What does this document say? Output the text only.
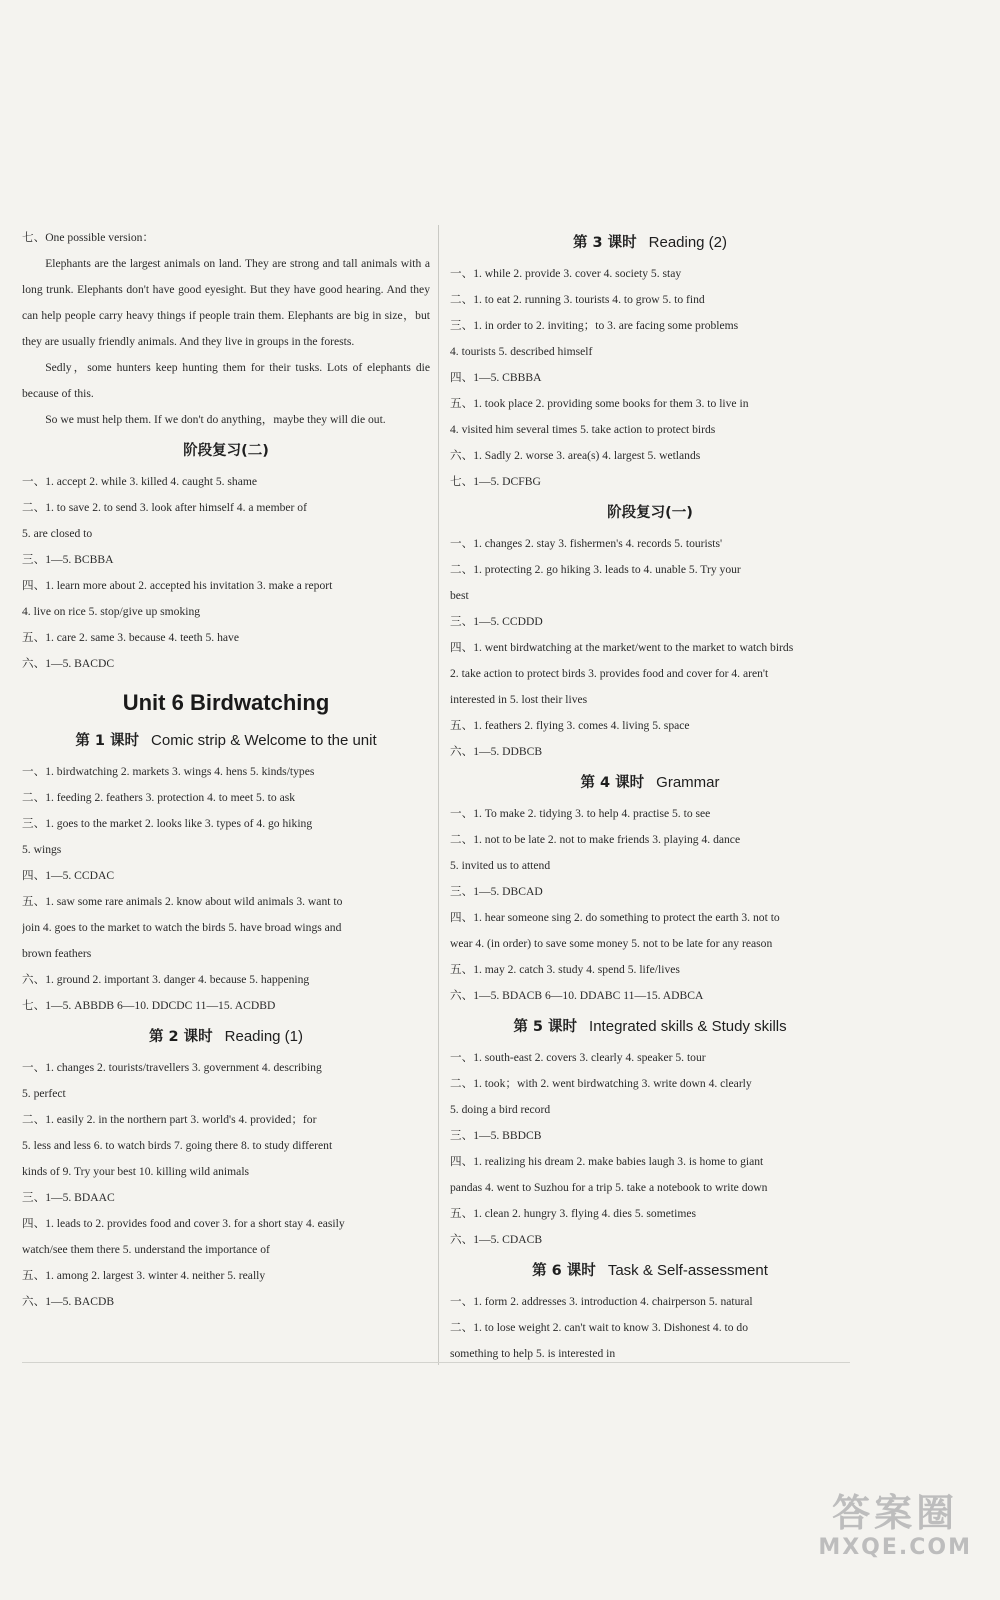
七、One possible version：
Elephants are the largest animals on land. They are strong and tall animals with a long trunk. Elephants don't have good eyesight. But they have good hearing. And they can help people carry heavy things if people train them. Elephants are big in size，but they are usually friendly animals. And they live in groups in the forests.
Sedly，some hunters keep hunting them for their tusks. Lots of elephants die because of this.
So we must help them. If we don't do anything，maybe they will die out.
阶段复习(二)
一、1. accept 2. while 3. killed 4. caught 5. shame
二、1. to save 2. to send 3. look after himself 4. a member of
5. are closed to
三、1—5. BCBBA
四、1. learn more about 2. accepted his invitation 3. make a report
4. live on rice 5. stop/give up smoking
五、1. care 2. same 3. because 4. teeth 5. have
六、1—5. BACDC
Unit 6 Birdwatching
第 1 课时 Comic strip & Welcome to the unit
一、1. birdwatching 2. markets 3. wings 4. hens 5. kinds/types
二、1. feeding 2. feathers 3. protection 4. to meet 5. to ask
三、1. goes to the market 2. looks like 3. types of 4. go hiking
5. wings
四、1—5. CCDAC
五、1. saw some rare animals 2. know about wild animals 3. want to
join 4. goes to the market to watch the birds 5. have broad wings and
brown feathers
六、1. ground 2. important 3. danger 4. because 5. happening
七、1—5. ABBDB 6—10. DDCDC 11—15. ACDBD
第 2 课时 Reading (1)
一、1. changes 2. tourists/travellers 3. government 4. describing
5. perfect
二、1. easily 2. in the northern part 3. world's 4. provided；for
5. less and less 6. to watch birds 7. going there 8. to study different
kinds of 9. Try your best 10. killing wild animals
三、1—5. BDAAC
四、1. leads to 2. provides food and cover 3. for a short stay 4. easily
watch/see them there 5. understand the importance of
五、1. among 2. largest 3. winter 4. neither 5. really
六、1—5. BACDB
第 3 课时 Reading (2)
一、1. while 2. provide 3. cover 4. society 5. stay
二、1. to eat 2. running 3. tourists 4. to grow 5. to find
三、1. in order to 2. inviting；to 3. are facing some problems
4. tourists 5. described himself
四、1—5. CBBBA
五、1. took place 2. providing some books for them 3. to live in
4. visited him several times 5. take action to protect birds
六、1. Sadly 2. worse 3. area(s) 4. largest 5. wetlands
七、1—5. DCFBG
阶段复习(一)
一、1. changes 2. stay 3. fishermen's 4. records 5. tourists'
二、1. protecting 2. go hiking 3. leads to 4. unable 5. Try your
best
三、1—5. CCDDD
四、1. went birdwatching at the market/went to the market to watch birds
2. take action to protect birds 3. provides food and cover for 4. aren't
interested in 5. lost their lives
五、1. feathers 2. flying 3. comes 4. living 5. space
六、1—5. DDBCB
第 4 课时 Grammar
一、1. To make 2. tidying 3. to help 4. practise 5. to see
二、1. not to be late 2. not to make friends 3. playing 4. dance
5. invited us to attend
三、1—5. DBCAD
四、1. hear someone sing 2. do something to protect the earth 3. not to
wear 4. (in order) to save some money 5. not to be late for any reason
五、1. may 2. catch 3. study 4. spend 5. life/lives
六、1—5. BDACB 6—10. DDABC 11—15. ADBCA
第 5 课时 Integrated skills & Study skills
一、1. south-east 2. covers 3. clearly 4. speaker 5. tour
二、1. took；with 2. went birdwatching 3. write down 4. clearly
5. doing a bird record
三、1—5. BBDCB
四、1. realizing his dream 2. make babies laugh 3. is home to giant
pandas 4. went to Suzhou for a trip 5. take a notebook to write down
五、1. clean 2. hungry 3. flying 4. dies 5. sometimes
六、1—5. CDACB
第 6 课时 Task & Self-assessment
一、1. form 2. addresses 3. introduction 4. chairperson 5. natural
二、1. to lose weight 2. can't wait to know 3. Dishonest 4. to do
something to help 5. is interested in
答案圈
MXQE.COM
